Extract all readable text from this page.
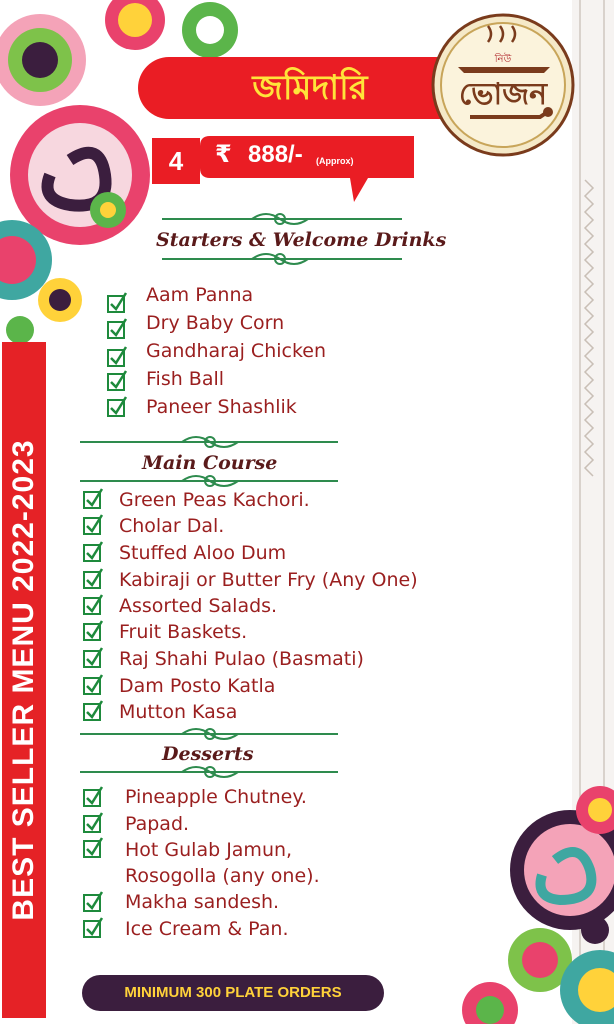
BEST SELLER MENU 2022-2023
জমিদারি
নিউ
ভোজন
4	₹ 888/- (Approx)
Starters & Welcome Drinks
Aam Panna
Dry Baby Corn
Gandharaj Chicken
Fish Ball
Paneer Shashlik
Main Course
Green Peas Kachori.
Cholar Dal.
Stuffed Aloo Dum
Kabiraji or Butter Fry (Any One)
Assorted Salads.
Fruit Baskets.
Raj Shahi Pulao (Basmati)
Dam Posto Katla
Mutton Kasa
Desserts
Pineapple Chutney.
Papad.
Hot Gulab Jamun,
Rosogolla (any one).
Makha sandesh.
Ice Cream & Pan.
MINIMUM 300 PLATE ORDERS
